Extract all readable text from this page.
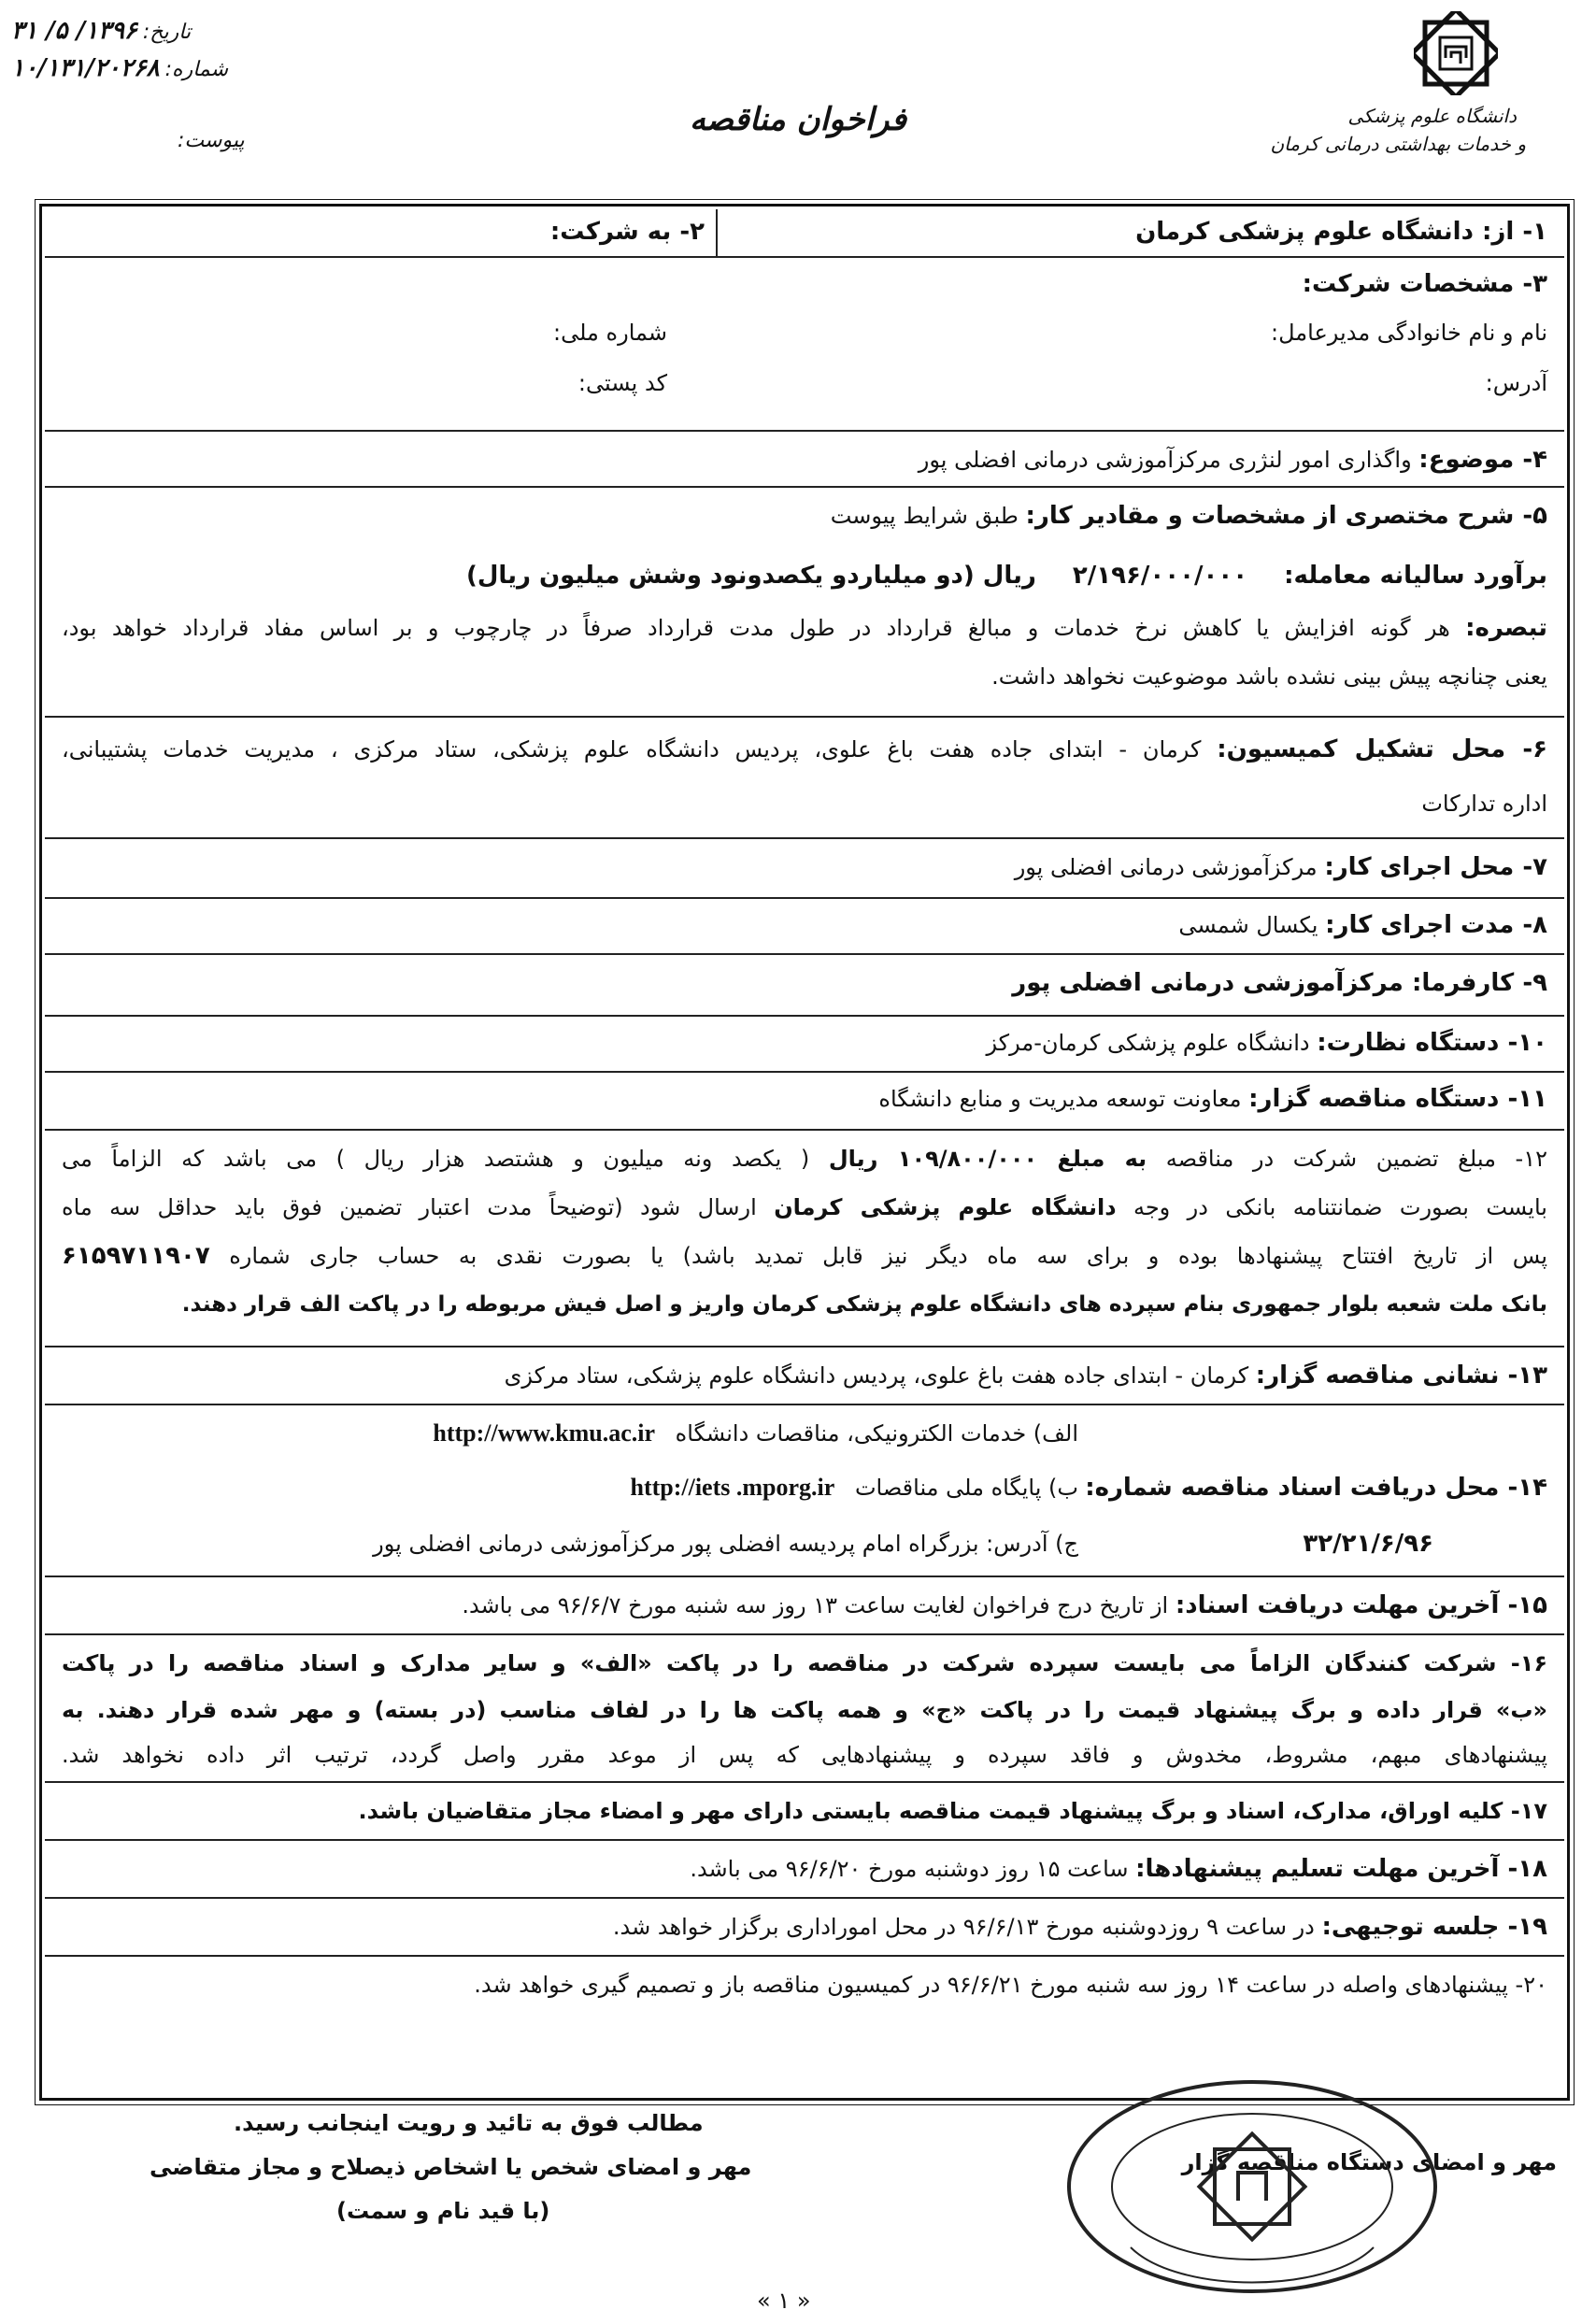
دانشگاه علوم پزشکی
و خدمات بهداشتی درمانی کرمان
فراخوان مناقصه
تاریخ:۱۳۹۶/ ۵/ ۳۱
شماره:۱۰/۱۳۱/۲۰۲۶۸
پیوست:
۱- از: دانشگاه علوم پزشکی کرمان
۲- به شرکت:
۳- مشخصات شرکت:
نام و نام خانوادگی مدیرعامل:
شماره ملی:
آدرس:
کد پستی:
۴- موضوع: واگذاری امور لنژری مرکزآموزشی درمانی افضلی پور
۵- شرح مختصری از مشخصات و مقادیر کار: طبق شرایط پیوست
برآورد سالیانه معامله: ۲/۱۹۶/۰۰۰/۰۰۰ ریال (دو میلیاردو یکصدونود وشش میلیون ریال)
تبصره: هر گونه افزایش یا کاهش نرخ خدمات و مبالغ قرارداد در طول مدت قرارداد صرفاً در چارچوب و بر اساس مفاد قرارداد خواهد بود،
یعنی چنانچه پیش بینی نشده باشد موضوعیت نخواهد داشت.
۶- محل تشکیل کمیسیون: کرمان - ابتدای جاده هفت باغ علوی، پردیس دانشگاه علوم پزشکی، ستاد مرکزی ، مدیریت خدمات پشتیبانی،
اداره تدارکات
۷- محل اجرای کار: مرکزآموزشی درمانی افضلی پور
۸- مدت اجرای کار: یکسال شمسی
۹- کارفرما: مرکزآموزشی درمانی افضلی پور
۱۰- دستگاه نظارت: دانشگاه علوم پزشکی کرمان-مرکز
۱۱- دستگاه مناقصه گزار: معاونت توسعه مدیریت و منابع دانشگاه
۱۲- مبلغ تضمین شرکت در مناقصه به مبلغ ۱۰۹/۸۰۰/۰۰۰ ریال ( یکصد ونه میلیون و هشتصد هزار ریال ) می باشد که الزاماً می
بایست بصورت ضمانتنامه بانکی در وجه دانشگاه علوم پزشکی کرمان ارسال شود (توضیحاً مدت اعتبار تضمین فوق باید حداقل سه ماه
پس از تاریخ افتتاح پیشنهادها بوده و برای سه ماه دیگر نیز قابل تمدید باشد) یا بصورت نقدی به حساب جاری شماره ۶۱۵۹۷۱۱۹۰۷
بانک ملت شعبه بلوار جمهوری بنام سپرده های دانشگاه علوم پزشکی کرمان واریز و اصل فیش مربوطه را در پاکت الف قرار دهند.
۱۳- نشانی مناقصه گزار: کرمان - ابتدای جاده هفت باغ علوی، پردیس دانشگاه علوم پزشکی، ستاد مرکزی
الف) خدمات الکترونیکی، مناقصات دانشگاه http://www.kmu.ac.ir
۱۴- محل دریافت اسناد مناقصه شماره:
ب) پایگاه ملی مناقصات http://iets .mporg.ir
ج) آدرس: بزرگراه امام پردیسه افضلی پور مرکزآموزشی درمانی افضلی پور	۳۲/۲۱/۶/۹۶
۱۵- آخرین مهلت دریافت اسناد: از تاریخ درج فراخوان لغایت ساعت ۱۳ روز سه شنبه مورخ ۹۶/۶/۷ می باشد.
۱۶- شرکت کنندگان الزاماً می بایست سپرده شرکت در مناقصه را در پاکت «الف» و سایر مدارک و اسناد مناقصه را در پاکت
«ب» قرار داده و برگ پیشنهاد قیمت را در پاکت «ج» و همه پاکت ها را در لفاف مناسب (در بسته) و مهر شده قرار دهند. به
پیشنهادهای مبهم، مشروط، مخدوش و فاقد سپرده و پیشنهادهایی که پس از موعد مقرر واصل گردد، ترتیب اثر داده نخواهد شد.
۱۷- کلیه اوراق، مدارک، اسناد و برگ پیشنهاد قیمت مناقصه بایستی دارای مهر و امضاء مجاز متقاضیان باشد.
۱۸- آخرین مهلت تسلیم پیشنهادها: ساعت ۱۵ روز دوشنبه مورخ ۹۶/۶/۲۰ می باشد.
۱۹- جلسه توجیهی: در ساعت ۹ روزدوشنبه مورخ ۹۶/۶/۱۳ در محل اموراداری برگزار خواهد شد.
۲۰- پیشنهادهای واصله در ساعت ۱۴ روز سه شنبه مورخ ۹۶/۶/۲۱ در کمیسیون مناقصه باز و تصمیم گیری خواهد شد.
مطالب فوق به تائید و رویت اینجانب رسید.
مهر و امضای شخص یا اشخاص ذیصلاح و مجاز متقاضی
(با قید نام و سمت)
مهر و امضای دستگاه مناقصه گزار
« ۱ »
